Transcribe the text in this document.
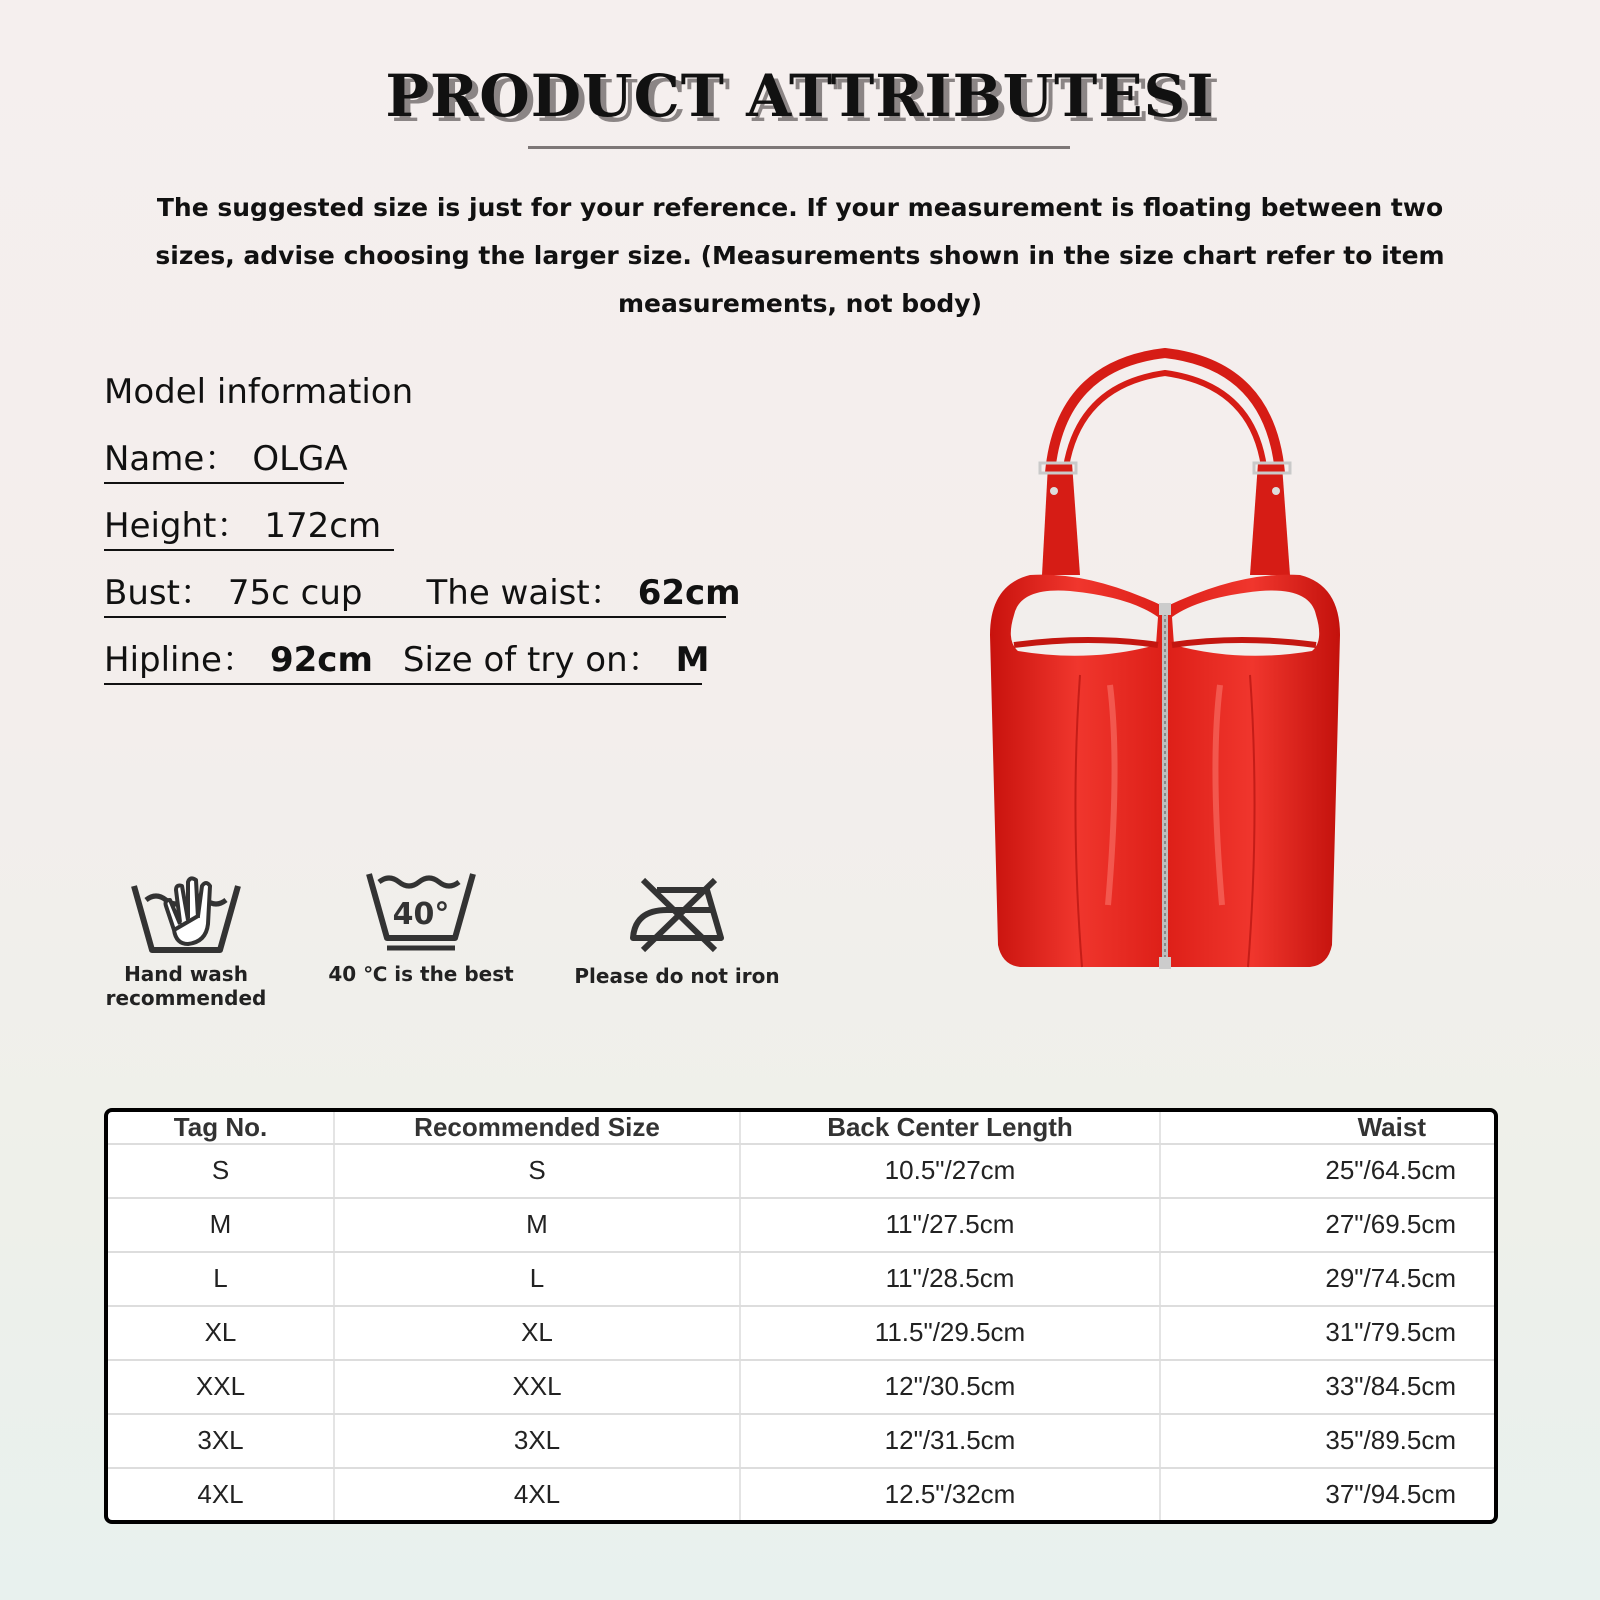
PRODUCT ATTRIBUTESI

The suggested size is just for your reference. If your measurement is floating between two sizes, advise choosing the larger size. (Measurements shown in the size chart refer to item measurements, not body)

Model information
Name： OLGA
Height： 172cm
Bust： 75c cup The waist： 62cm
Hipline： 92cm Size of try on： M
Hand wash
recommended
40°
40 ℃ is the best	Please do not iron
Tag No.	Recommended Size	Back Center Length	Waist
S	S	10.5"/27cm	25"/64.5cm
M	M	11"/27.5cm	27"/69.5cm
L	L	11"/28.5cm	29"/74.5cm
XL	XL	11.5"/29.5cm	31"/79.5cm
XXL	XXL	12"/30.5cm	33"/84.5cm
3XL	3XL	12"/31.5cm	35"/89.5cm
4XL	4XL	12.5"/32cm	37"/94.5cm
